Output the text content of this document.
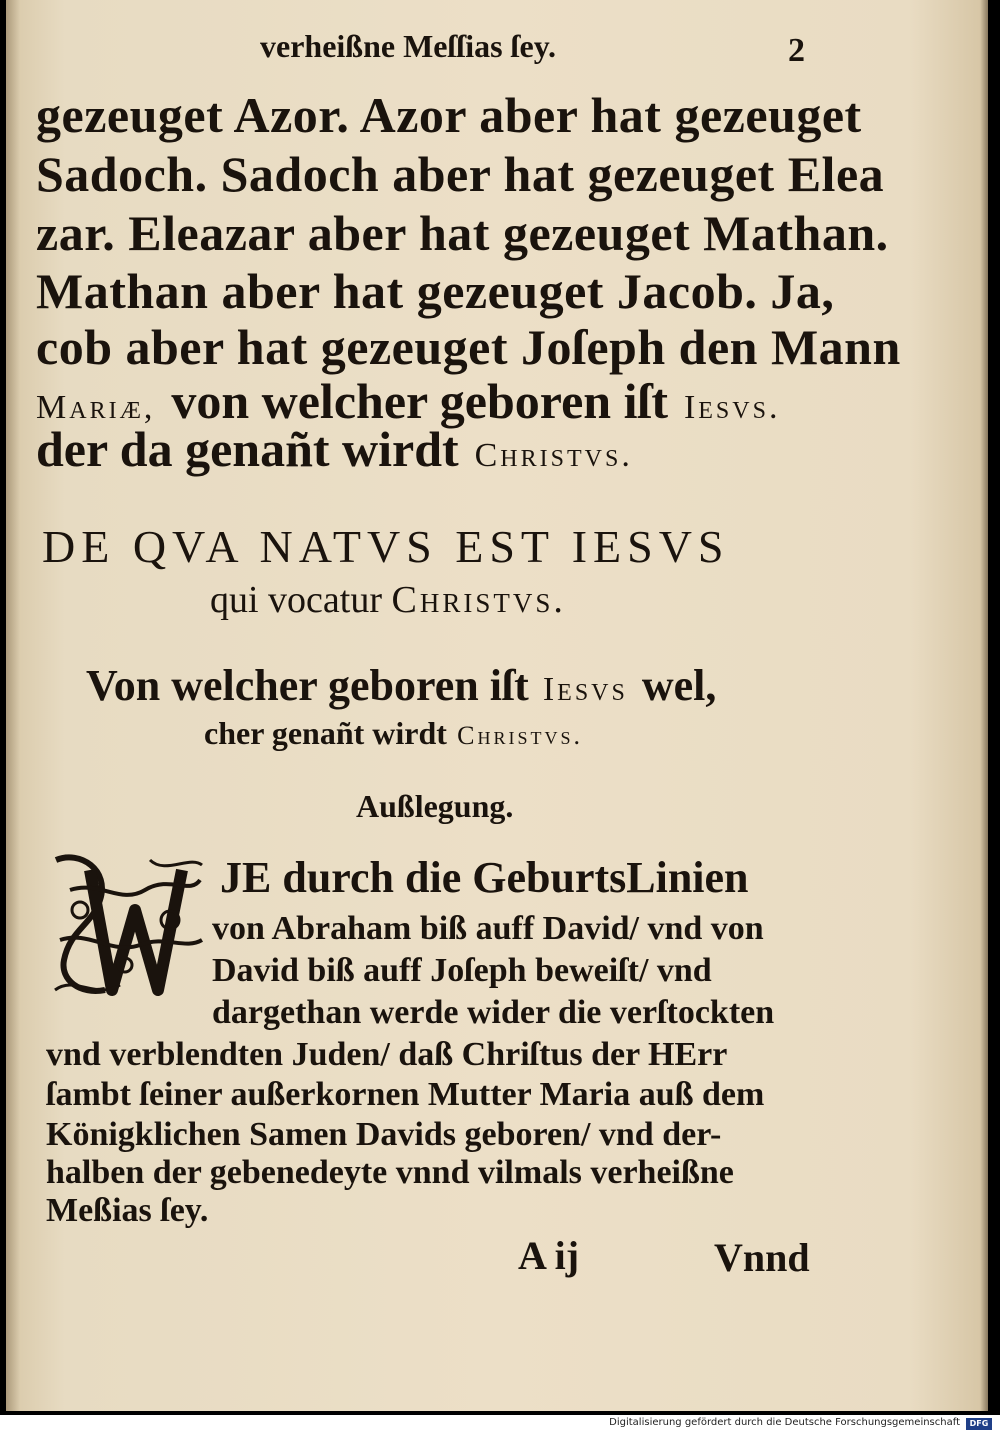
verheißne Meſſias ſey.	2
gezeuget Azor. Azor aber hat gezeuget
Sadoch. Sadoch aber hat gezeuget Elea
zar. Eleazar aber hat gezeuget Mathan.
Mathan aber hat gezeuget Jacob. Ja,
cob aber hat gezeuget Joſeph den Mann
Mariæ, von welcher geboren iſt Iesvs.
der da genañt wirdt Christvs.
DE QVA NATVS EST IESVS
qui vocatur Christvs.
Von welcher geboren iſt Iesvs wel,
cher genañt wirdt Christvs.
Außlegung.
JE durch die GeburtsLinien
von Abraham biß auff David/ vnd von
David biß auff Joſeph beweiſt/ vnd
dargethan werde wider die verſtockten
vnd verblendten Juden/ daß Chriſtus der HErr
ſambt ſeiner außerkornen Mutter Maria auß dem
Königklichen Samen Davids geboren/ vnd der-
halben der gebenedeyte vnnd vilmals verheißne
Meßias ſey.
A ij	Vnnd
Digitalisierung gefördert durch die Deutsche Forschungsgemeinschaft	DFG
